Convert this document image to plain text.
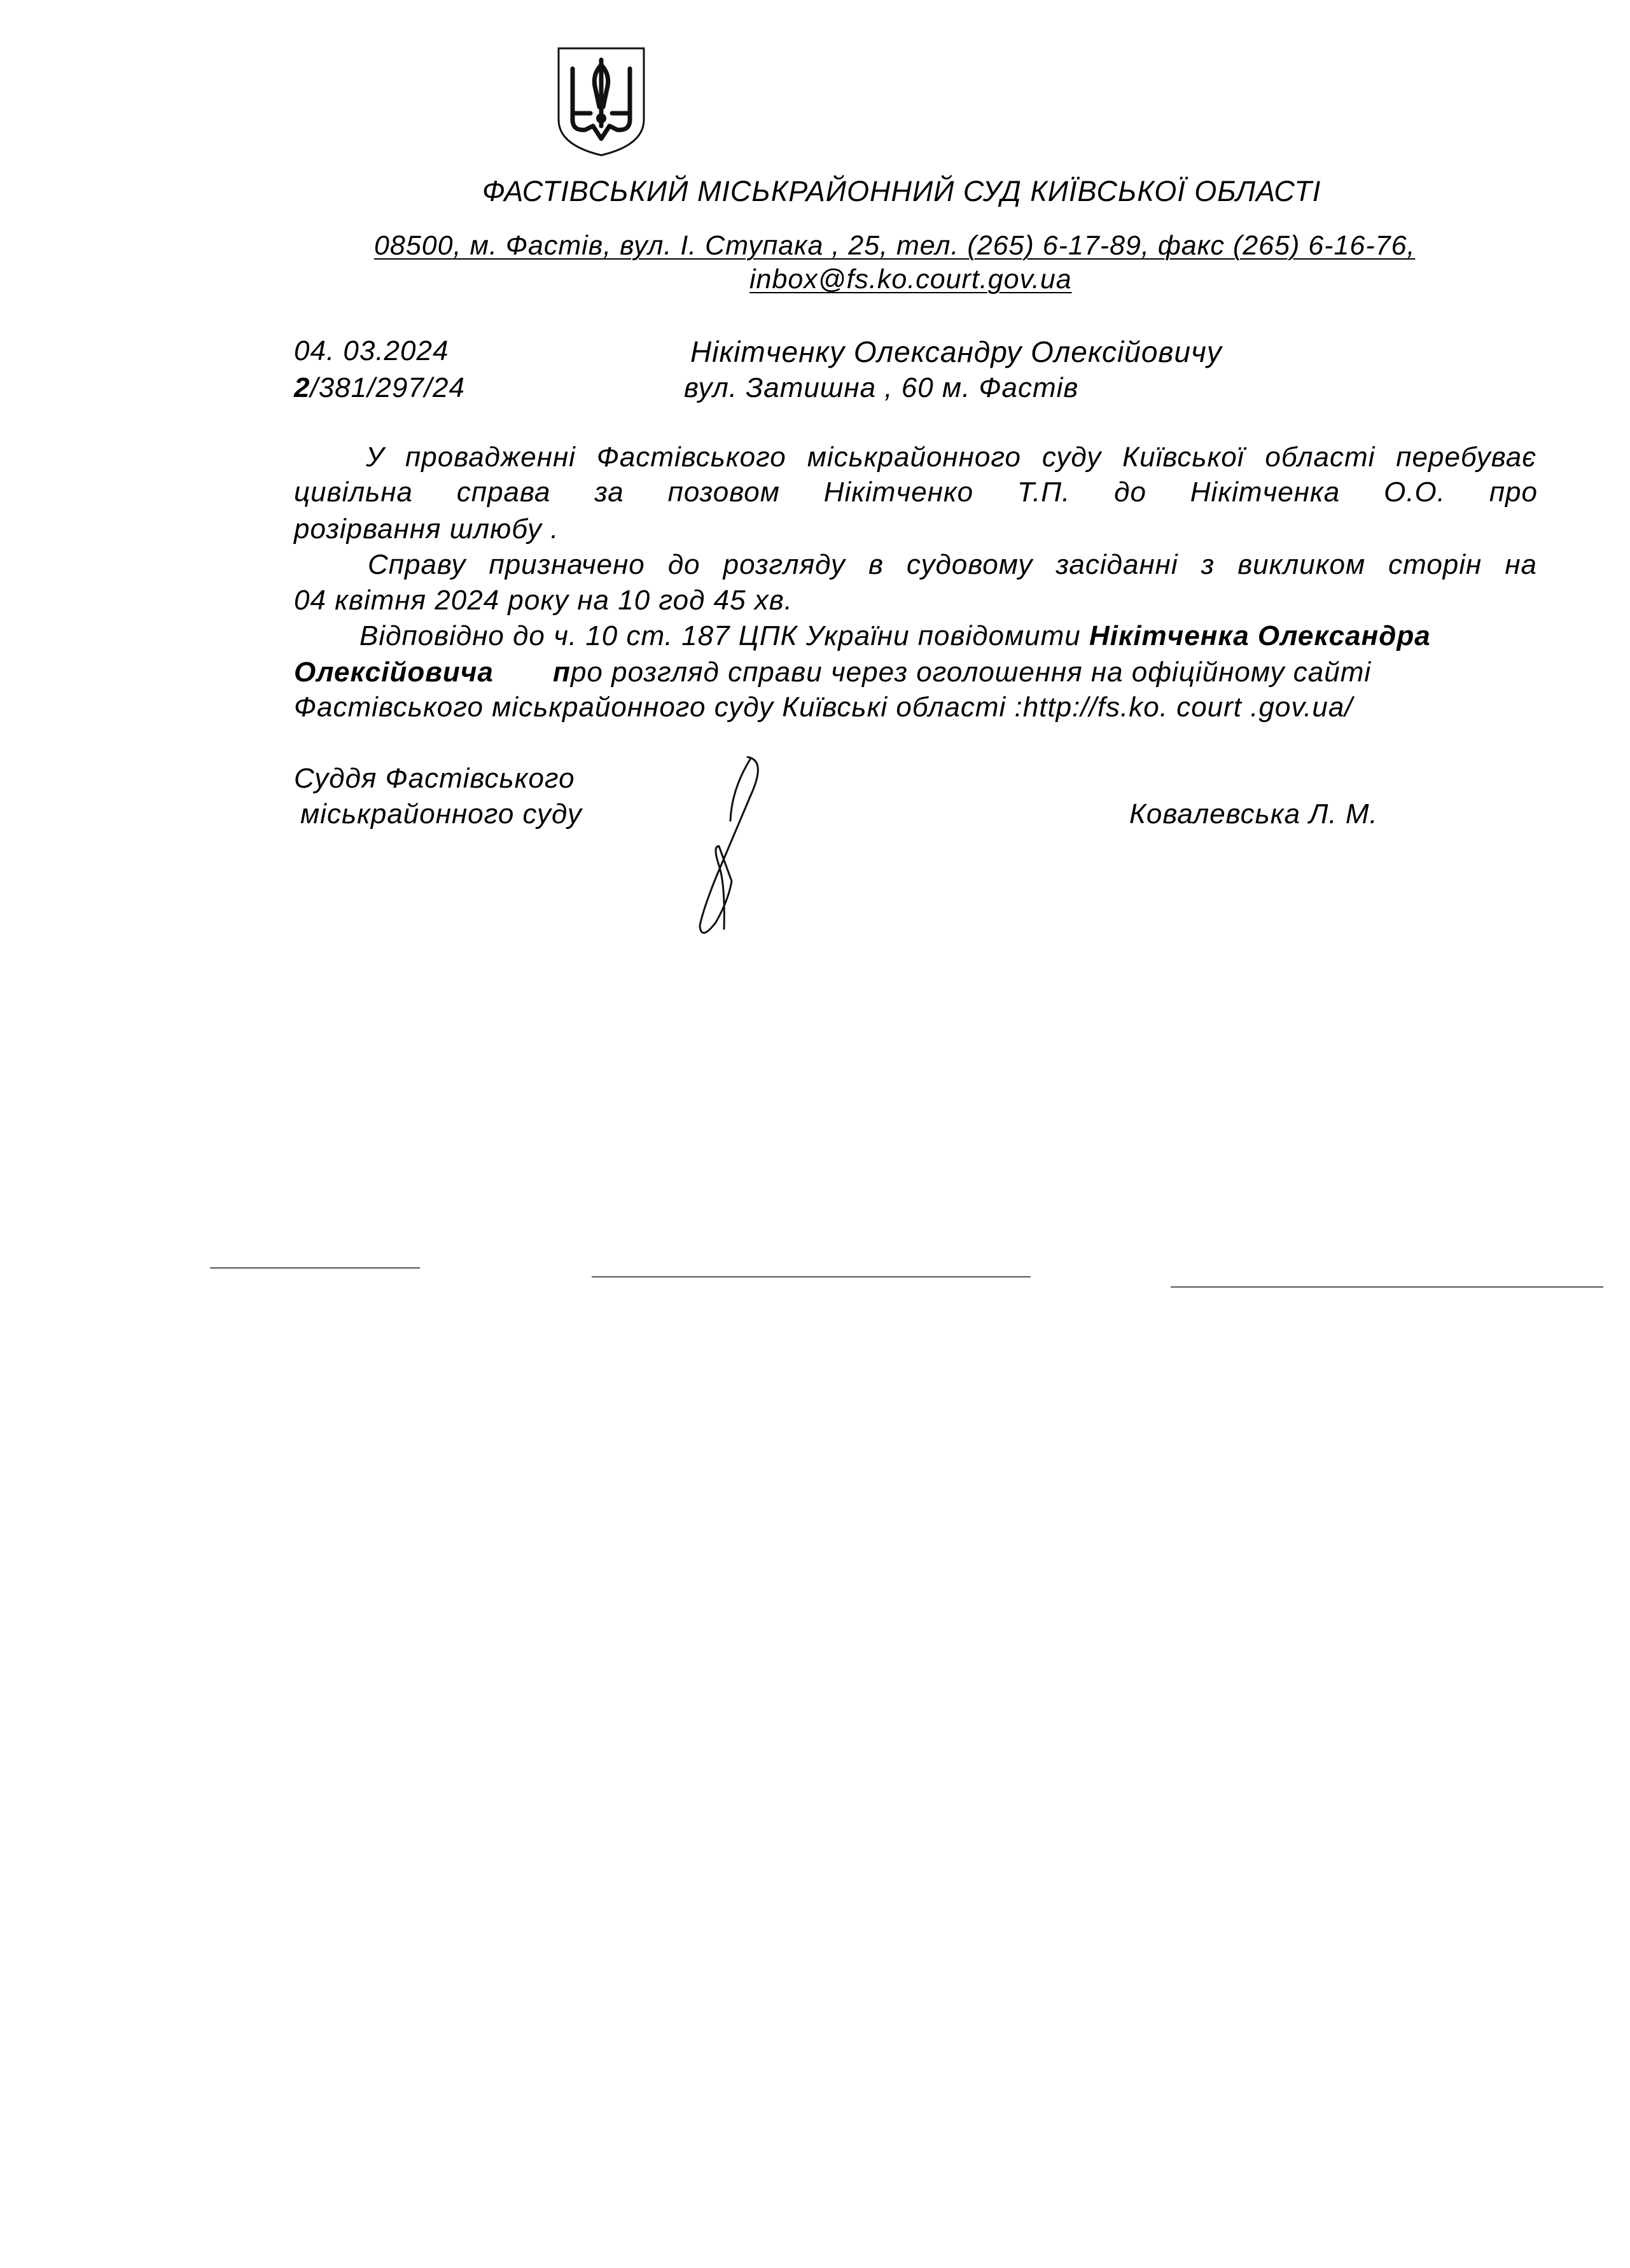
ФАСТІВСЬКИЙ МІСЬКРАЙОННИЙ СУД КИЇВСЬКОЇ ОБЛАСТІ
08500, м. Фастів, вул. І. Ступака , 25, тел. (265) 6-17-89, факс (265) 6-16-76,
inbox@fs.ko.court.gov.ua
04. 03.2024
2/381/297/24
Нікітченку Олександру Олексійовичу
вул. Затишна , 60 м. Фастів
У провадженні Фастівського міськрайонного суду Київської області перебуває
цивільна справа за позовом Нікітченко Т.П. до Нікітченка О.О. про
розірвання шлюбу .
Справу призначено до розгляду в судовому засіданні з викликом сторін на
04 квітня 2024 року на 10 год 45 хв.
Відповідно до ч. 10 ст. 187 ЦПК України повідомити Нікітченка Олександра
Олексійовича про розгляд справи через оголошення на офіційному сайті
Фастівського міськрайонного суду Київські області :http://fs.ko. court .gov.ua/
Суддя Фастівського
міськрайонного суду	Ковалевська Л. М.
